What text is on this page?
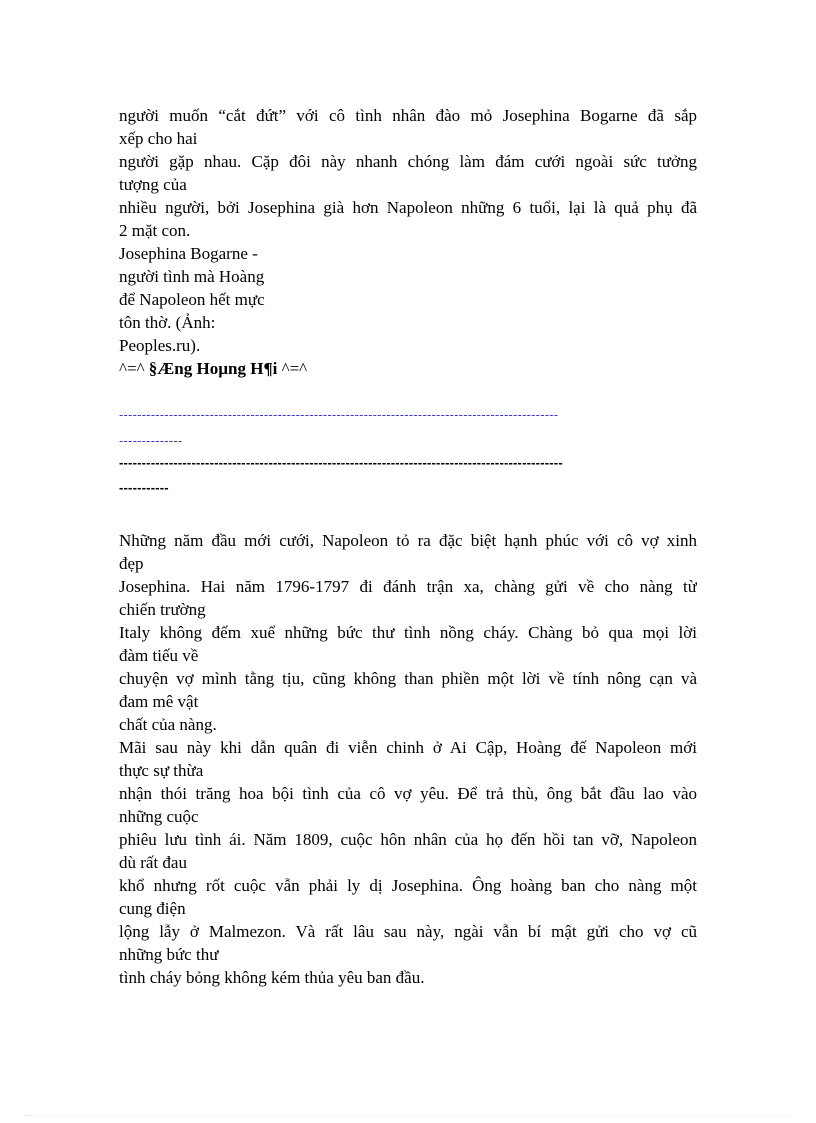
người muốn “cắt đứt” với cô tình nhân đào mỏ Josephina Bogarne đã sắp
xếp cho hai
người gặp nhau. Cặp đôi này nhanh chóng làm đám cưới ngoài sức tưởng
tượng của
nhiều người, bởi Josephina già hơn Napoleon những 6 tuổi, lại là quả phụ đã
2 mặt con.
Josephina Bogarne -
người tình mà Hoàng
để Napoleon hết mực
tôn thờ. (Ảnh:
Peoples.ru).
^=^ §Æng Hoµng H¶i ^=^
-------------------------------------------------------------------------------------------------
--------------
--------------------------------------------------------------------------------------------------
-----------
Những năm đầu mới cưới, Napoleon tỏ ra đặc biệt hạnh phúc với cô vợ xinh
đẹp
Josephina. Hai năm 1796-1797 đi đánh trận xa, chàng gửi về cho nàng từ
chiến trường
Italy không đếm xuể những bức thư tình nồng cháy. Chàng bỏ qua mọi lời
đàm tiếu về
chuyện vợ mình tằng tịu, cũng không than phiền một lời về tính nông cạn và
đam mê vật
chất của nàng.
Mãi sau này khi dẫn quân đi viễn chinh ở Ai Cập, Hoàng đế Napoleon mới
thực sự thừa
nhận thói trăng hoa bội tình của cô vợ yêu. Để trả thù, ông bắt đầu lao vào
những cuộc
phiêu lưu tình ái. Năm 1809, cuộc hôn nhân của họ đến hồi tan vỡ, Napoleon
dù rất đau
khổ nhưng rốt cuộc vẫn phải ly dị Josephina. Ông hoàng ban cho nàng một
cung điện
lộng lẫy ở Malmezon. Và rất lâu sau này, ngài vẫn bí mật gửi cho vợ cũ
những bức thư
tình cháy bỏng không kém thủa yêu ban đầu.
